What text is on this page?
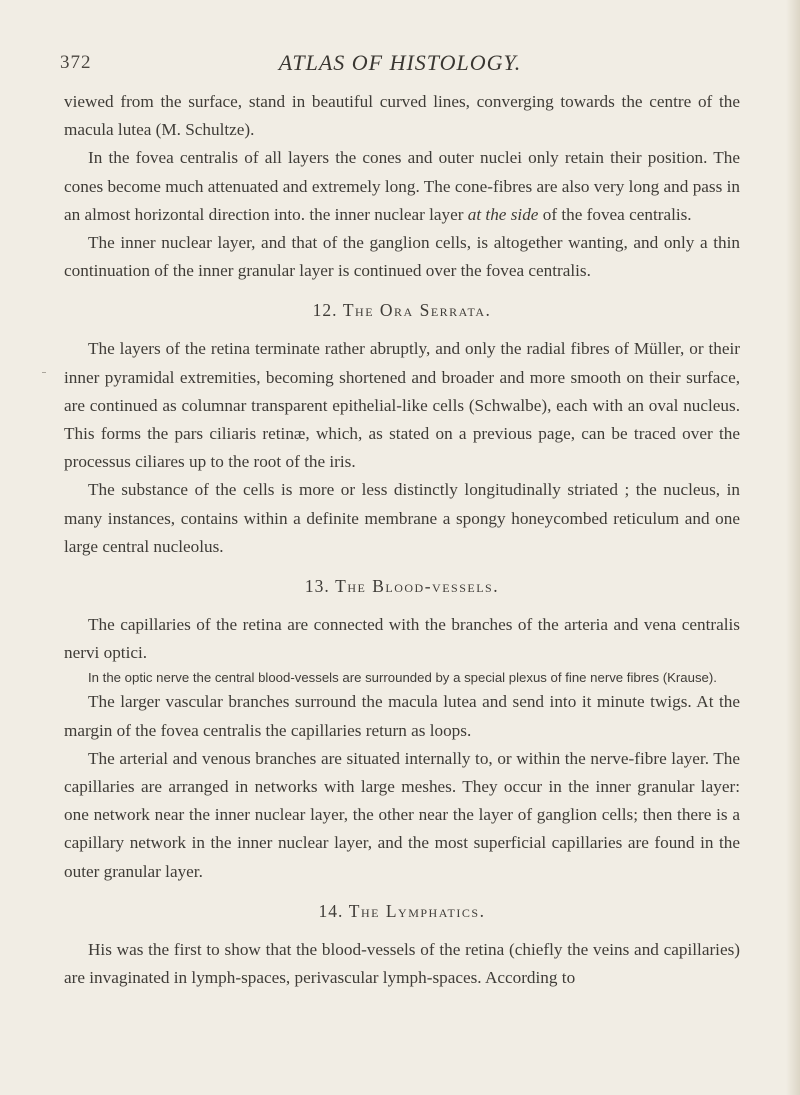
372	ATLAS OF HISTOLOGY.

viewed from the surface, stand in beautiful curved lines, converging towards the centre of the macula lutea (M. Schultze).

In the fovea centralis of all layers the cones and outer nuclei only retain their position. The cones become much attenuated and extremely long. The cone-fibres are also very long and pass in an almost horizontal direction into. the inner nuclear layer at the side of the fovea centralis.

The inner nuclear layer, and that of the ganglion cells, is altogether wanting, and only a thin continuation of the inner granular layer is continued over the fovea centralis.

12. The Ora Serrata.

The layers of the retina terminate rather abruptly, and only the radial fibres of Müller, or their inner pyramidal extremities, becoming shortened and broader and more smooth on their surface, are continued as columnar transparent epithelial-like cells (Schwalbe), each with an oval nucleus. This forms the pars ciliaris retinæ, which, as stated on a previous page, can be traced over the processus ciliares up to the root of the iris.

The substance of the cells is more or less distinctly longitudinally striated ; the nucleus, in many instances, contains within a definite membrane a spongy honeycombed reticulum and one large central nucleolus.

13. The Blood-vessels.

The capillaries of the retina are connected with the branches of the arteria and vena centralis nervi optici.

In the optic nerve the central blood-vessels are surrounded by a special plexus of fine nerve fibres (Krause).

The larger vascular branches surround the macula lutea and send into it minute twigs. At the margin of the fovea centralis the capillaries return as loops.

The arterial and venous branches are situated internally to, or within the nerve-fibre layer. The capillaries are arranged in networks with large meshes. They occur in the inner granular layer: one network near the inner nuclear layer, the other near the layer of ganglion cells; then there is a capillary network in the inner nuclear layer, and the most superficial capillaries are found in the outer granular layer.

14. The Lymphatics.

His was the first to show that the blood-vessels of the retina (chiefly the veins and capillaries) are invaginated in lymph-spaces, perivascular lymph-spaces. According to
